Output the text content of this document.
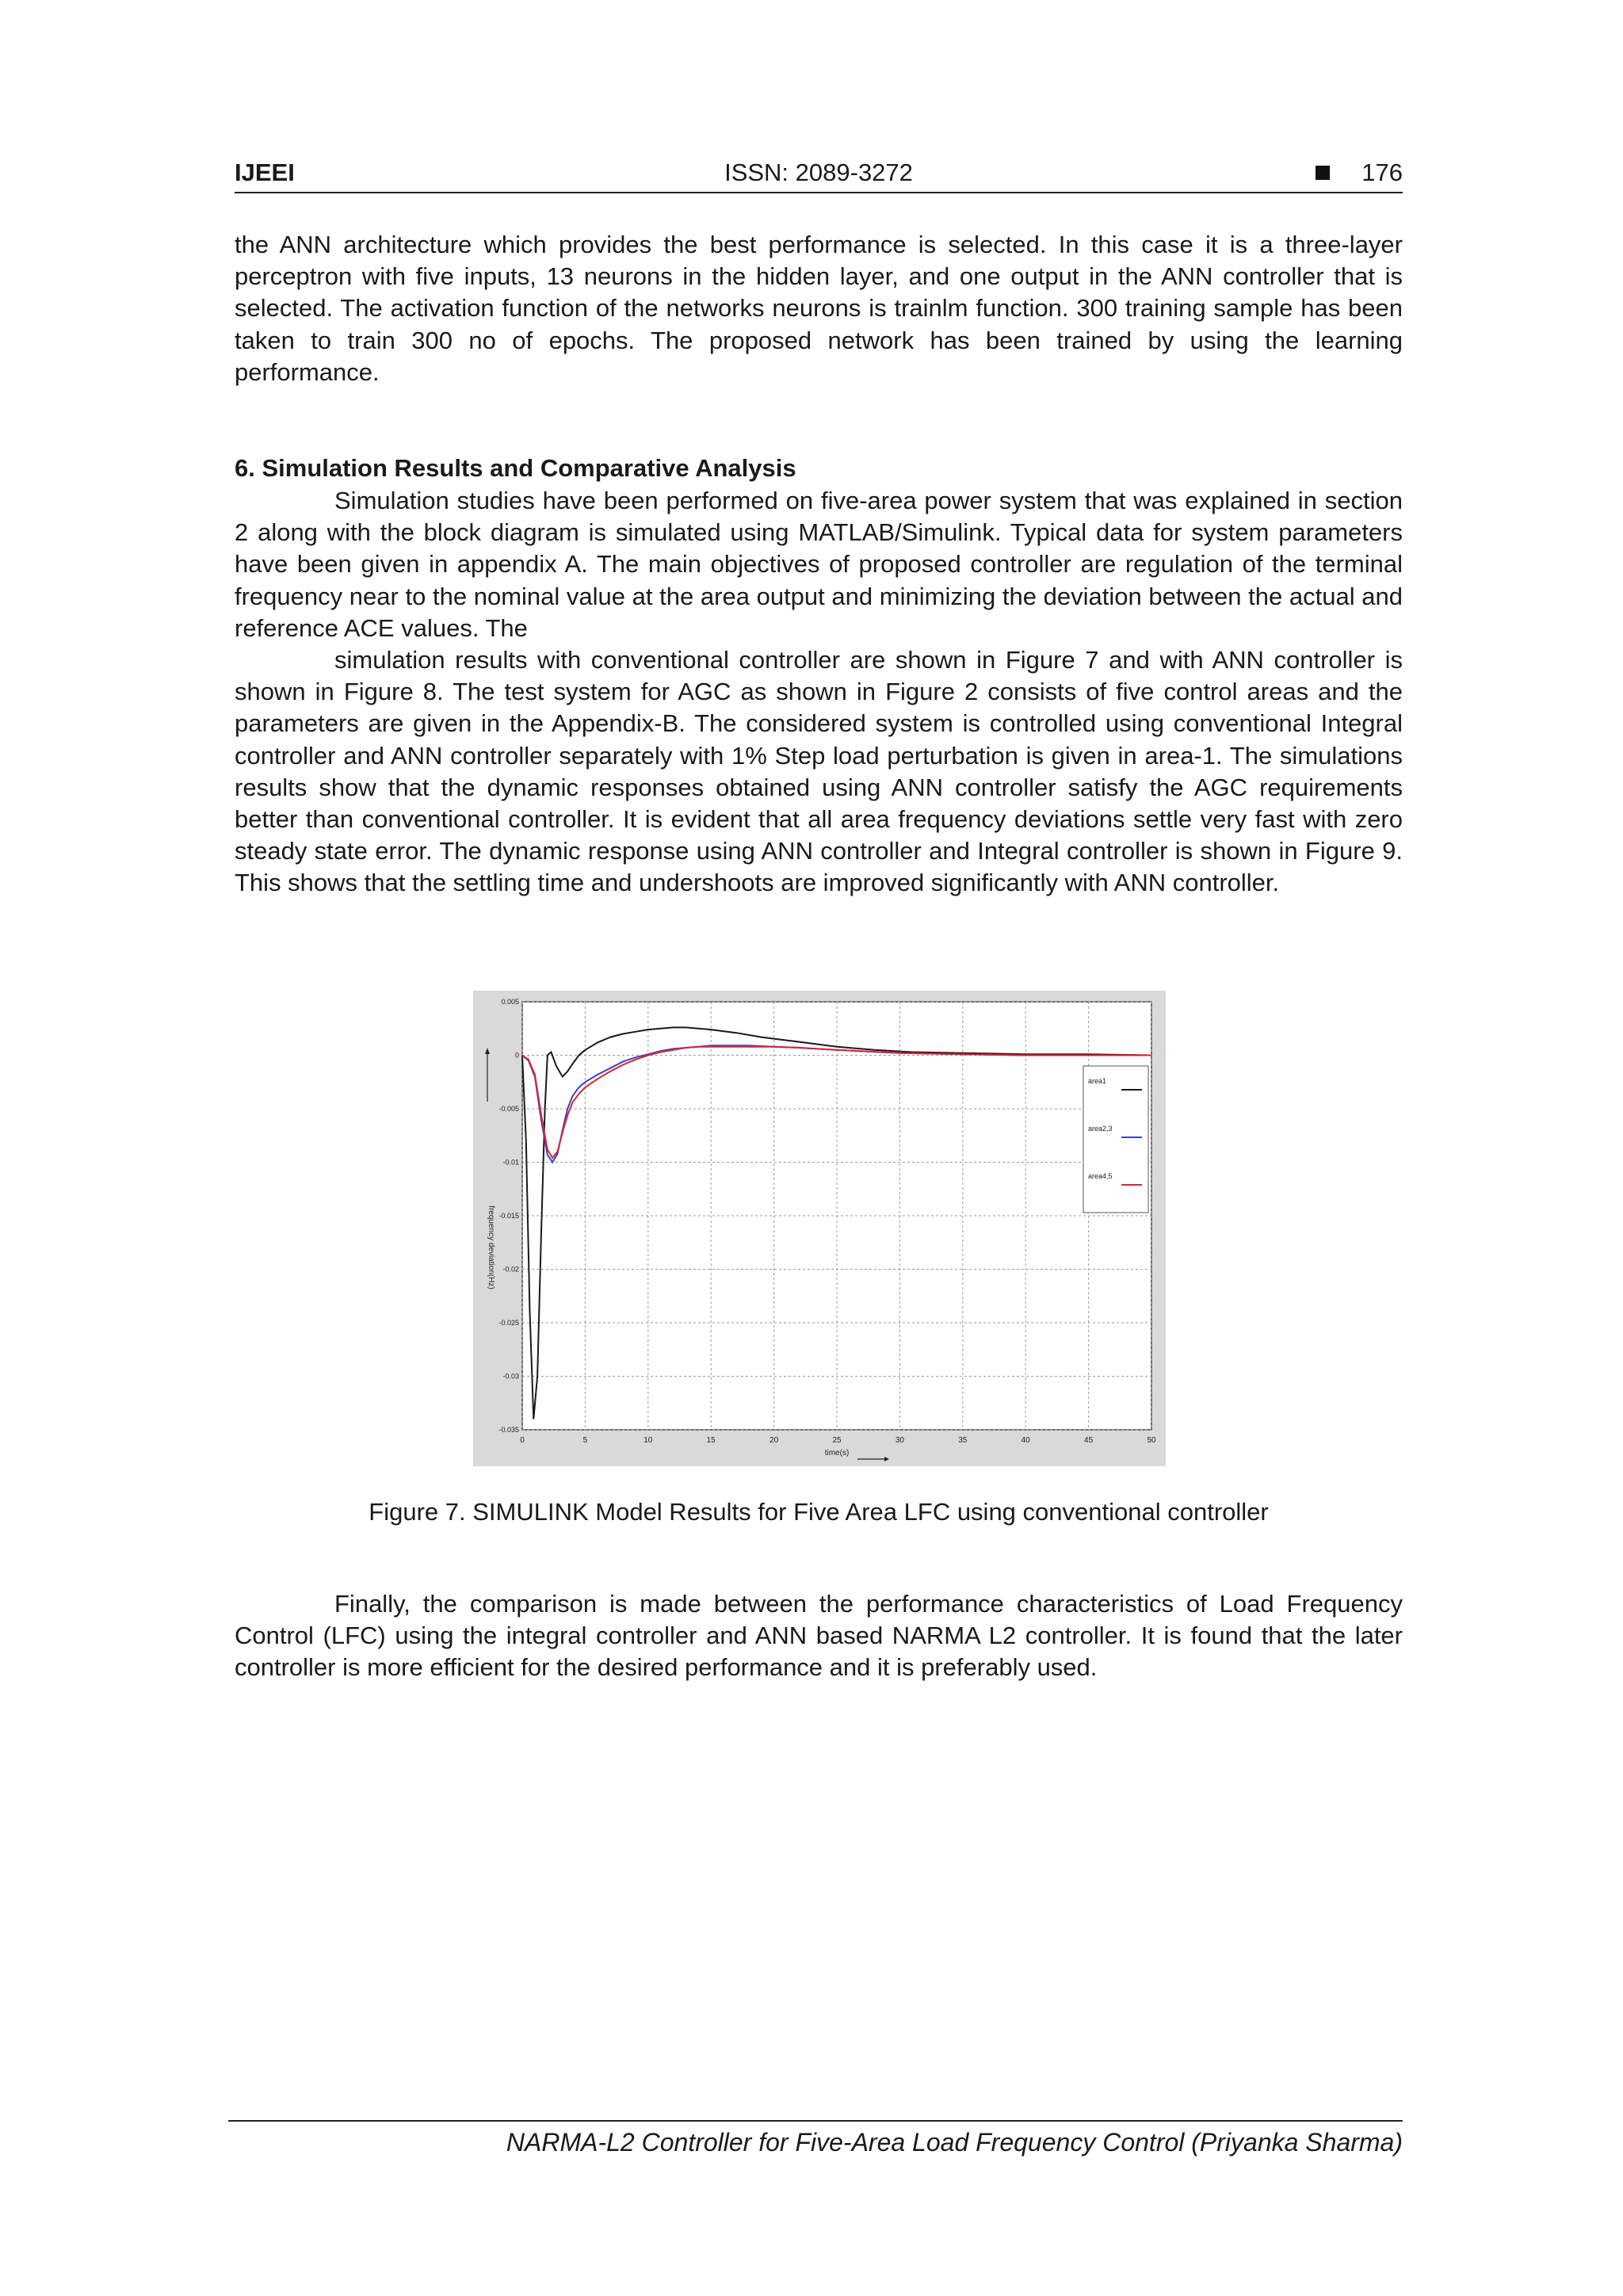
IJEEI	ISSN: 2089-3272	176

the ANN architecture which provides the best performance is selected. In this case it is a three-layer perceptron with five inputs, 13 neurons in the hidden layer, and one output in the ANN controller that is selected. The activation function of the networks neurons is trainlm function. 300 training sample has been taken to train 300 no of epochs. The proposed network has been trained by using the learning performance.

6. Simulation Results and Comparative Analysis

Simulation studies have been performed on five-area power system that was explained in section 2 along with the block diagram is simulated using MATLAB/Simulink. Typical data for system parameters have been given in appendix A. The main objectives of proposed controller are regulation of the terminal frequency near to the nominal value at the area output and minimizing the deviation between the actual and reference ACE values. The

simulation results with conventional controller are shown in Figure 7 and with ANN controller is shown in Figure 8. The test system for AGC as shown in Figure 2 consists of five control areas and the parameters are given in the Appendix-B. The considered system is controlled using conventional Integral controller and ANN controller separately with 1% Step load perturbation is given in area-1. The simulations results show that the dynamic responses obtained using ANN controller satisfy the AGC requirements better than conventional controller. It is evident that all area frequency deviations settle very fast with zero steady state error. The dynamic response using ANN controller and Integral controller is shown in Figure 9. This shows that the settling time and undershoots are improved significantly with ANN controller.

0	5	10	15	20	25	30	35	40	45	50
0.005
0
-0.005
-0.01
-0.015
-0.02
-0.025
-0.03
-0.035
area1
area2,3
area4,5
time(s)
frequency deviation(Hz)

Figure 7. SIMULINK Model Results for Five Area LFC using conventional controller

Finally, the comparison is made between the performance characteristics of Load Frequency Control (LFC) using the integral controller and ANN based NARMA L2 controller. It is found that the later controller is more efficient for the desired performance and it is preferably used.

NARMA-L2 Controller for Five-Area Load Frequency Control (Priyanka Sharma)
